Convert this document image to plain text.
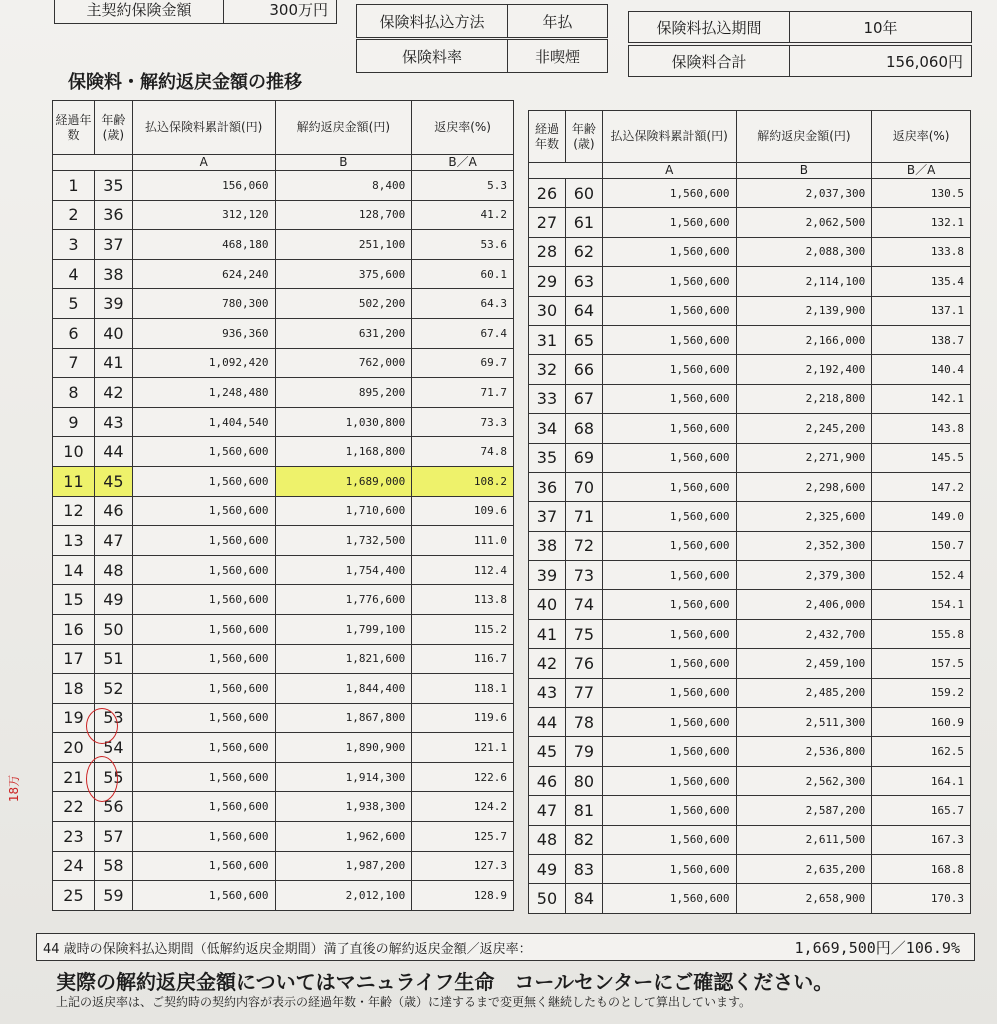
主契約保険金額	300万円
保険料払込方法	年払
保険料率	非喫煙
保険料払込期間	10年
保険料合計	156,060円
保険料・解約返戻金額の推移
経過年数	年齢(歳)	払込保険料累計額(円)	解約返戻金額(円)	返戻率(%)
		A	B	B／A
1	35	156,060	8,400	5.3
2	36	312,120	128,700	41.2
3	37	468,180	251,100	53.6
4	38	624,240	375,600	60.1
5	39	780,300	502,200	64.3
6	40	936,360	631,200	67.4
7	41	1,092,420	762,000	69.7
8	42	1,248,480	895,200	71.7
9	43	1,404,540	1,030,800	73.3
10	44	1,560,600	1,168,800	74.8
11	45	1,560,600	1,689,000	108.2
12	46	1,560,600	1,710,600	109.6
13	47	1,560,600	1,732,500	111.0
14	48	1,560,600	1,754,400	112.4
15	49	1,560,600	1,776,600	113.8
16	50	1,560,600	1,799,100	115.2
17	51	1,560,600	1,821,600	116.7
18	52	1,560,600	1,844,400	118.1
19	53	1,560,600	1,867,800	119.6
20	54	1,560,600	1,890,900	121.1
21	55	1,560,600	1,914,300	122.6
22	56	1,560,600	1,938,300	124.2
23	57	1,560,600	1,962,600	125.7
24	58	1,560,600	1,987,200	127.3
25	59	1,560,600	2,012,100	128.9
経過年数	年齢(歳)	払込保険料累計額(円)	解約返戻金額(円)	返戻率(%)
		A	B	B／A
26	60	1,560,600	2,037,300	130.5
27	61	1,560,600	2,062,500	132.1
28	62	1,560,600	2,088,300	133.8
29	63	1,560,600	2,114,100	135.4
30	64	1,560,600	2,139,900	137.1
31	65	1,560,600	2,166,000	138.7
32	66	1,560,600	2,192,400	140.4
33	67	1,560,600	2,218,800	142.1
34	68	1,560,600	2,245,200	143.8
35	69	1,560,600	2,271,900	145.5
36	70	1,560,600	2,298,600	147.2
37	71	1,560,600	2,325,600	149.0
38	72	1,560,600	2,352,300	150.7
39	73	1,560,600	2,379,300	152.4
40	74	1,560,600	2,406,000	154.1
41	75	1,560,600	2,432,700	155.8
42	76	1,560,600	2,459,100	157.5
43	77	1,560,600	2,485,200	159.2
44	78	1,560,600	2,511,300	160.9
45	79	1,560,600	2,536,800	162.5
46	80	1,560,600	2,562,300	164.1
47	81	1,560,600	2,587,200	165.7
48	82	1,560,600	2,611,500	167.3
49	83	1,560,600	2,635,200	168.8
50	84	1,560,600	2,658,900	170.3
18万
44 歳時の保険料払込期間（低解約返戻金期間）満了直後の解約返戻金額／返戻率：	1,669,500円／106.9%
実際の解約返戻金額についてはマニュライフ生命　コールセンターにご確認ください。
上記の返戻率は、ご契約時の契約内容が表示の経過年数・年齢（歳）に達するまで変更無く継続したものとして算出しています。
